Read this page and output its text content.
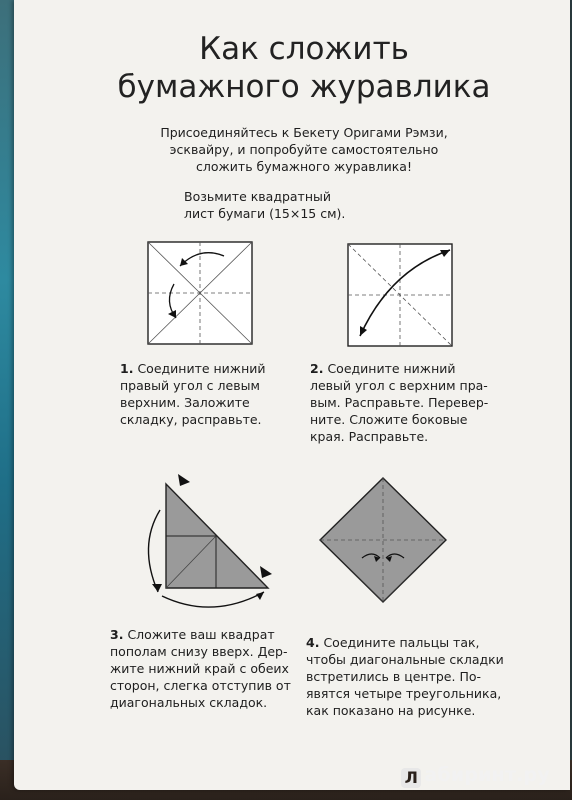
Как сложить
бумажного журавлика
Присоединяйтесь к Бекету Оригами Рэмзи,
эсквайру, и попробуйте самостоятельно
сложить бумажного журавлика!
Возьмите квадратный
лист бумаги (15×15 см).
1. Соедините нижний
правый угол с левым
верхним. Заложите
складку, расправьте.
2. Соедините нижний
левый угол с верхним пра-
вым. Расправьте. Перевер-
ните. Сложите боковые
края. Расправьте.
3. Сложите ваш квадрат
пополам снизу вверх. Дер-
жите нижний край с обеих
сторон, слегка отступив от
диагональных складок.
4. Соедините пальцы так,
чтобы диагональные складки
встретились в центре. По-
явятся четыре треугольника,
как показано на рисунке.
Л абиринт.ру
